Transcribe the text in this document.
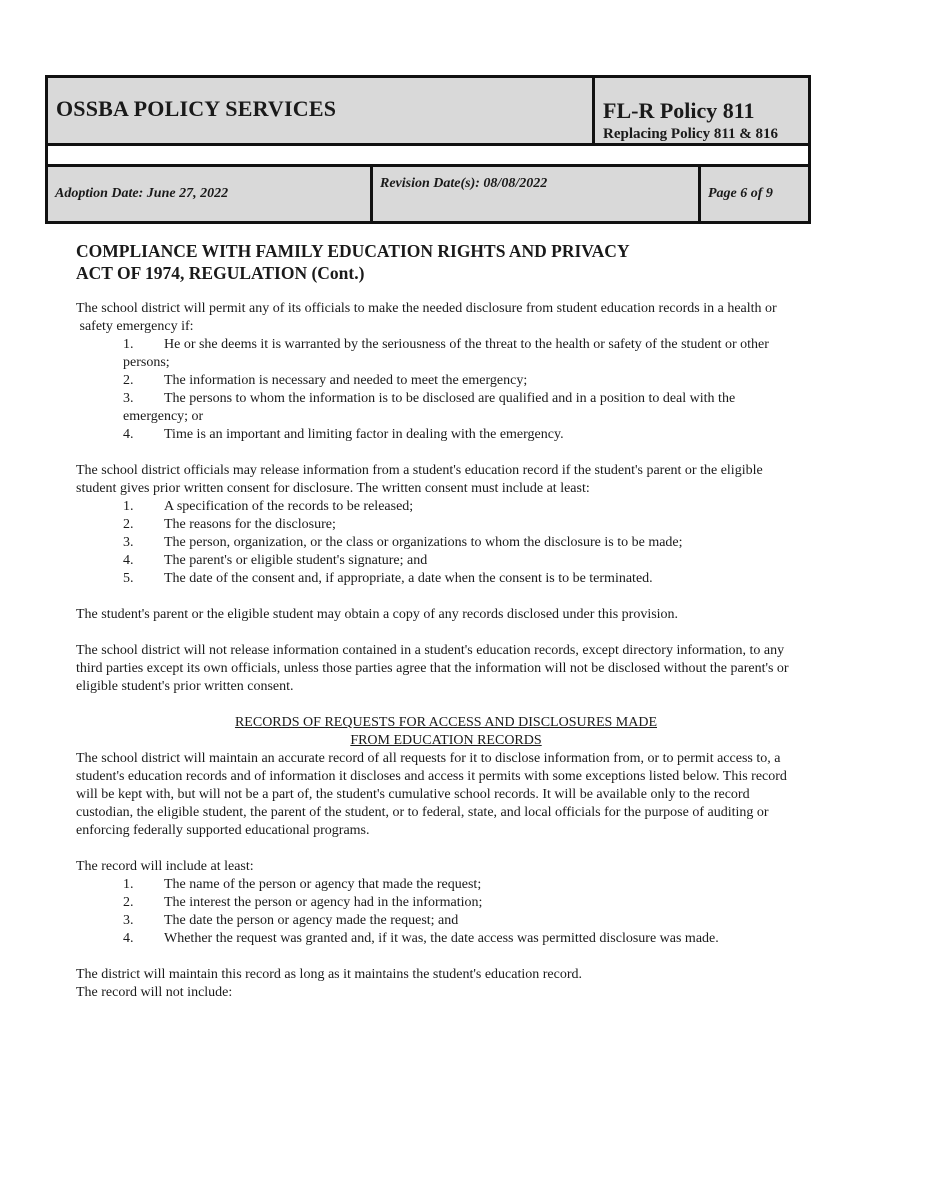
OSSBA POLICY SERVICES	FL-R Policy 811
Replacing Policy 811 & 816
Adoption Date: June 27, 2022
Revision Date(s): 08/08/2022
Page 6 of 9
COMPLIANCE WITH FAMILY EDUCATION RIGHTS AND PRIVACY
ACT OF 1974, REGULATION (Cont.)

The school district will permit any of its officials to make the needed disclosure from student education records in a health or
safety emergency if:

1. He or she deems it is warranted by the seriousness of the threat to the health or safety of the student or other
persons;
2. The information is necessary and needed to meet the emergency;
3. The persons to whom the information is to be disclosed are qualified and in a position to deal with the
emergency; or
4. Time is an important and limiting factor in dealing with the emergency.

The school district officials may release information from a student's education record if the student's parent or the eligible
student gives prior written consent for disclosure. The written consent must include at least:

1. A specification of the records to be released;
2. The reasons for the disclosure;
3. The person, organization, or the class or organizations to whom the disclosure is to be made;
4. The parent's or eligible student's signature; and
5. The date of the consent and, if appropriate, a date when the consent is to be terminated.

The student's parent or the eligible student may obtain a copy of any records disclosed under this provision.

The school district will not release information contained in a student's education records, except directory information, to any
third parties except its own officials, unless those parties agree that the information will not be disclosed without the parent's or
eligible student's prior written consent.

RECORDS OF REQUESTS FOR ACCESS AND DISCLOSURES MADE

FROM EDUCATION RECORDS

The school district will maintain an accurate record of all requests for it to disclose information from, or to permit access to, a
student's education records and of information it discloses and access it permits with some exceptions listed below. This record
will be kept with, but will not be a part of, the student's cumulative school records. It will be available only to the record
custodian, the eligible student, the parent of the student, or to federal, state, and local officials for the purpose of auditing or
enforcing federally supported educational programs.

The record will include at least:

1. The name of the person or agency that made the request;
2. The interest the person or agency had in the information;
3. The date the person or agency made the request; and
4. Whether the request was granted and, if it was, the date access was permitted disclosure was made.

The district will maintain this record as long as it maintains the student's education record.
The record will not include:
